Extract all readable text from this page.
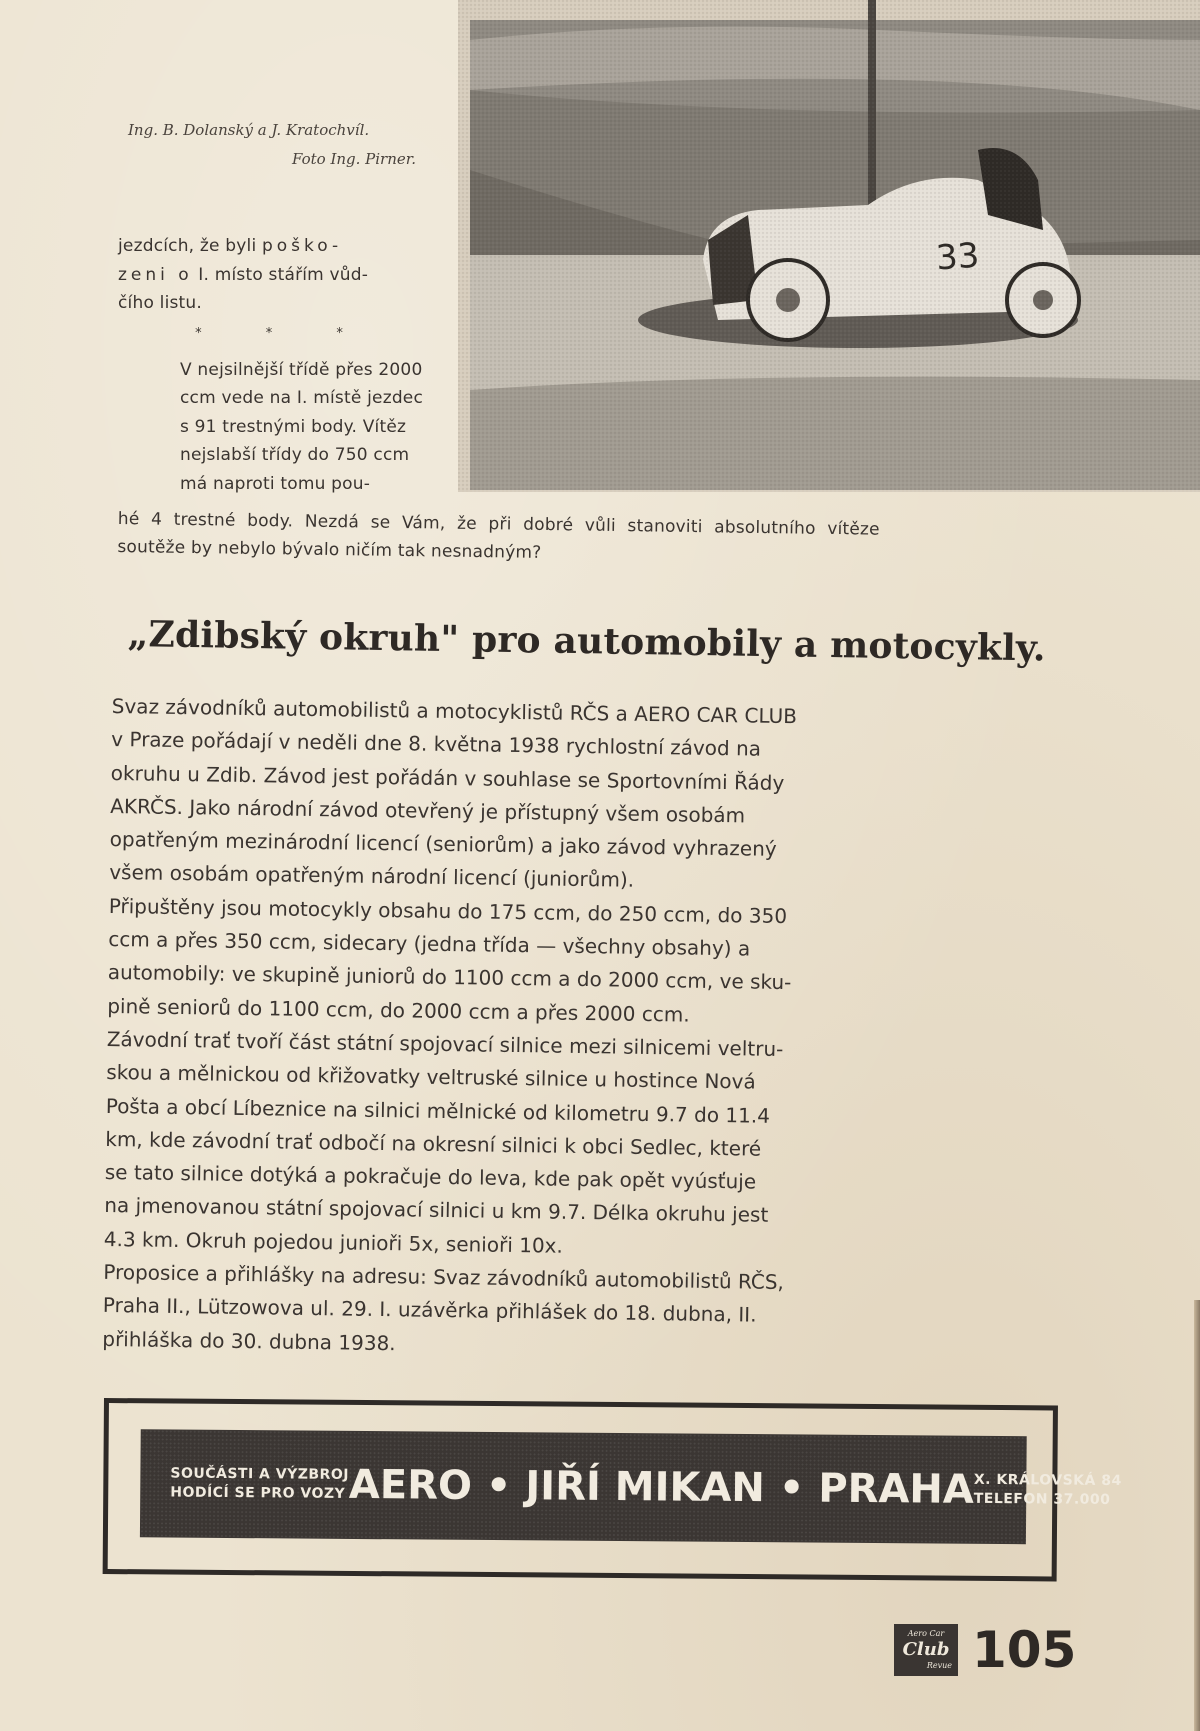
33
Ing. B. Dolanský a J. Kratochvíl.
Foto Ing. Pirner.

jezdcích, že byli poško-
zeni o I. místo stářím vůd-
čího listu.

* * *

V nejsilnější třídě přes 2000 ccm vede na I. místě jezdec s 91 trestnými body. Vítěz nejslabší třídy do 750 ccm má naproti tomu pou-

hé 4 trestné body. Nezdá se Vám, že při dobré vůli stanoviti absolutního vítěze
soutěže by nebylo bývalo ničím tak nesnadným?
„Zdibský okruh" pro automobily a motocykly.

Svaz závodníků automobilistů a motocyklistů RČS a AERO CAR CLUB
v Praze pořádají v neděli dne 8. května 1938 rychlostní závod na
okruhu u Zdib. Závod jest pořádán v souhlase se Sportovními Řády
AKRČS. Jako národní závod otevřený je přístupný všem osobám
opatřeným mezinárodní licencí (seniorům) a jako závod vyhrazený
všem osobám opatřeným národní licencí (juniorům).

Připuštěny jsou motocykly obsahu do 175 ccm, do 250 ccm, do 350
ccm a přes 350 ccm, sidecary (jedna třída — všechny obsahy) a
automobily: ve skupině juniorů do 1100 ccm a do 2000 ccm, ve sku-
pině seniorů do 1100 ccm, do 2000 ccm a přes 2000 ccm.

Závodní trať tvoří část státní spojovací silnice mezi silnicemi veltru-
skou a mělnickou od křižovatky veltruské silnice u hostince Nová
Pošta a obcí Líbeznice na silnici mělnické od kilometru 9.7 do 11.4
km, kde závodní trať odbočí na okresní silnici k obci Sedlec, které
se tato silnice dotýká a pokračuje do leva, kde pak opět vyúsťuje
na jmenovanou státní spojovací silnici u km 9.7. Délka okruhu jest
4.3 km. Okruh pojedou junioři 5x, senioři 10x.

Proposice a přihlášky na adresu: Svaz závodníků automobilistů RČS,
Praha II., Lützowova ul. 29. I. uzávěrka přihlášek do 18. dubna, II.
přihláška do 30. dubna 1938.

SOUČÁSTI A VÝZBROJ
HODÍCÍ SE PRO VOZY AERO • JIŘÍ MIKAN • PRAHA X. KRÁLOVSKÁ 84
TELEFON 37.000
Aero Car
Club
Revue 105
